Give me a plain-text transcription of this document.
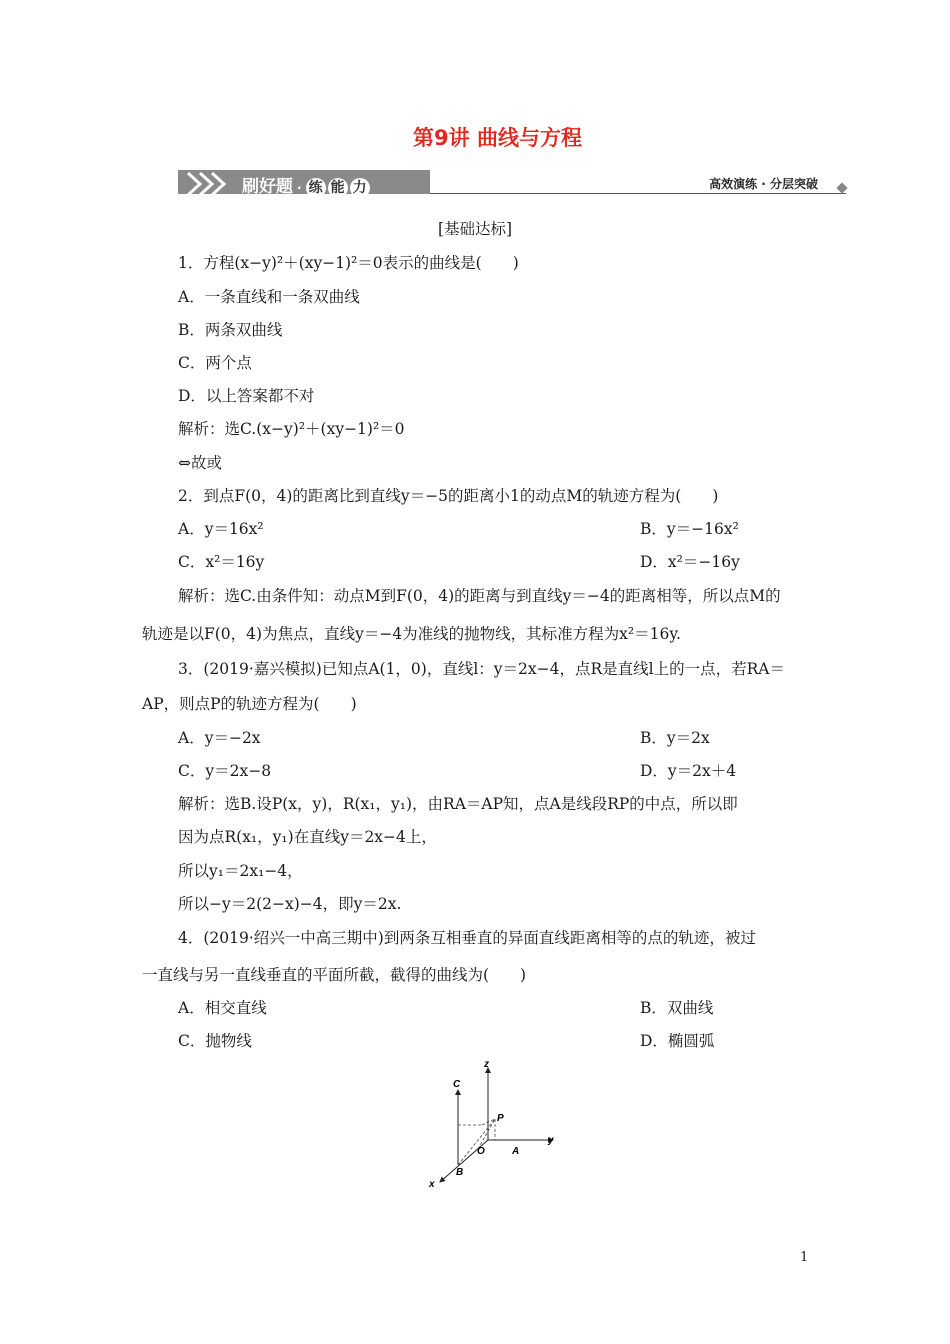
第9讲 曲线与方程
刷好题 · 练 能 力	高效演练 · 分层突破
[基础达标]
1．方程(x−y)²＋(xy−1)²＝0表示的曲线是(　　)
A．一条直线和一条双曲线
B．两条双曲线
C．两个点
D．以上答案都不对
解析：选C.(x−y)²＋(xy−1)²＝0
⇔故或
2．到点F(0，4)的距离比到直线y＝−5的距离小1的动点M的轨迹方程为(　　)
A．y＝16x²	B．y＝−16x²
C．x²＝16y	D．x²＝−16y
解析：选C.由条件知：动点M到F(0，4)的距离与到直线y＝−4的距离相等，所以点M的
轨迹是以F(0，4)为焦点，直线y＝−4为准线的抛物线，其标准方程为x²＝16y.
3．(2019·嘉兴模拟)已知点A(1，0)，直线l：y＝2x−4，点R是直线l上的一点，若RA＝
AP，则点P的轨迹方程为(　　)
A．y＝−2x	B．y＝2x
C．y＝2x−8	D．y＝2x＋4
解析：选B.设P(x，y)，R(x₁，y₁)，由RA＝AP知，点A是线段RP的中点，所以即
因为点R(x₁，y₁)在直线y＝2x−4上，
所以y₁＝2x₁−4，
所以−y＝2(2−x)−4，即y＝2x.
4．(2019·绍兴一中高三期中)到两条互相垂直的异面直线距离相等的点的轨迹，被过
一直线与另一直线垂直的平面所截，截得的曲线为(　　)
A．相交直线	B．双曲线
C．抛物线	D．椭圆弧
z
C
P
y
O	A
B
x
1
